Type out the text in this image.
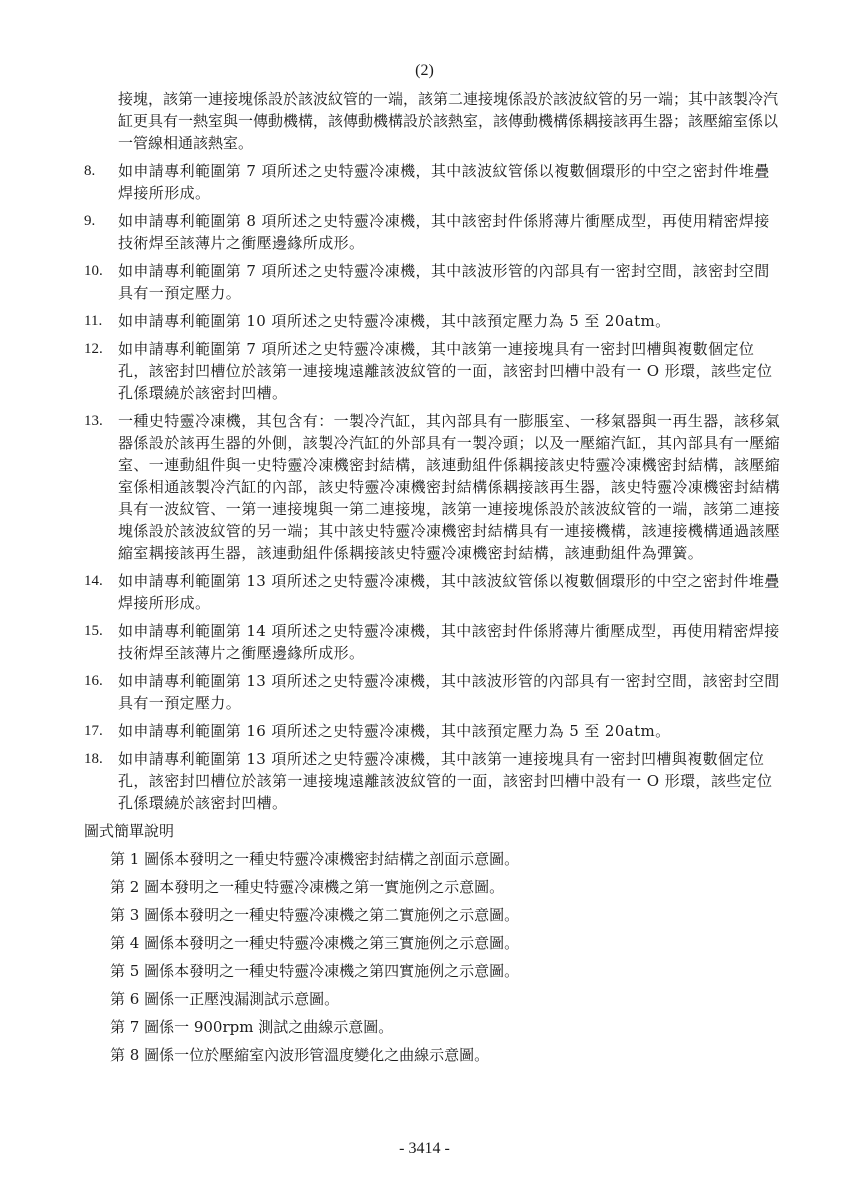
(2)

接塊，該第一連接塊係設於該波紋管的一端，該第二連接塊係設於該波紋管的另一端；其中該製冷汽缸更具有一熱室與一傳動機構，該傳動機構設於該熱室，該傳動機構係耦接該再生器；該壓縮室係以一管線相通該熱室。

8.	如申請專利範圍第 7 項所述之史特靈冷凍機，其中該波紋管係以複數個環形的中空之密封件堆疊焊接所形成。
9.	如申請專利範圍第 8 項所述之史特靈冷凍機，其中該密封件係將薄片衝壓成型，再使用精密焊接技術焊至該薄片之衝壓邊緣所成形。
10.	如申請專利範圍第 7 項所述之史特靈冷凍機，其中該波形管的內部具有一密封空間，該密封空間具有一預定壓力。
11.	如申請專利範圍第 10 項所述之史特靈冷凍機，其中該預定壓力為 5 至 20atm。
12.	如申請專利範圍第 7 項所述之史特靈冷凍機，其中該第一連接塊具有一密封凹槽與複數個定位孔，該密封凹槽位於該第一連接塊遠離該波紋管的一面，該密封凹槽中設有一 O 形環，該些定位孔係環繞於該密封凹槽。
13.	一種史特靈冷凍機，其包含有：一製冷汽缸，其內部具有一膨脹室、一移氣器與一再生器，該移氣器係設於該再生器的外側，該製冷汽缸的外部具有一製冷頭；以及一壓縮汽缸，其內部具有一壓縮室、一連動組件與一史特靈冷凍機密封結構，該連動組件係耦接該史特靈冷凍機密封結構，該壓縮室係相通該製冷汽缸的內部，該史特靈冷凍機密封結構係耦接該再生器，該史特靈冷凍機密封結構具有一波紋管、一第一連接塊與一第二連接塊，該第一連接塊係設於該波紋管的一端，該第二連接塊係設於該波紋管的另一端；其中該史特靈冷凍機密封結構具有一連接機構，該連接機構通過該壓縮室耦接該再生器，該連動組件係耦接該史特靈冷凍機密封結構，該連動組件為彈簧。
14.	如申請專利範圍第 13 項所述之史特靈冷凍機，其中該波紋管係以複數個環形的中空之密封件堆疊焊接所形成。
15.	如申請專利範圍第 14 項所述之史特靈冷凍機，其中該密封件係將薄片衝壓成型，再使用精密焊接技術焊至該薄片之衝壓邊緣所成形。
16.	如申請專利範圍第 13 項所述之史特靈冷凍機，其中該波形管的內部具有一密封空間，該密封空間具有一預定壓力。
17.	如申請專利範圍第 16 項所述之史特靈冷凍機，其中該預定壓力為 5 至 20atm。
18.	如申請專利範圍第 13 項所述之史特靈冷凍機，其中該第一連接塊具有一密封凹槽與複數個定位孔，該密封凹槽位於該第一連接塊遠離該波紋管的一面，該密封凹槽中設有一 O 形環，該些定位孔係環繞於該密封凹槽。
圖式簡單說明
第 1 圖係本發明之一種史特靈冷凍機密封結構之剖面示意圖。
第 2 圖本發明之一種史特靈冷凍機之第一實施例之示意圖。
第 3 圖係本發明之一種史特靈冷凍機之第二實施例之示意圖。
第 4 圖係本發明之一種史特靈冷凍機之第三實施例之示意圖。
第 5 圖係本發明之一種史特靈冷凍機之第四實施例之示意圖。
第 6 圖係一正壓洩漏測試示意圖。
第 7 圖係一 900rpm 測試之曲線示意圖。
第 8 圖係一位於壓縮室內波形管溫度變化之曲線示意圖。
- 3414 -
